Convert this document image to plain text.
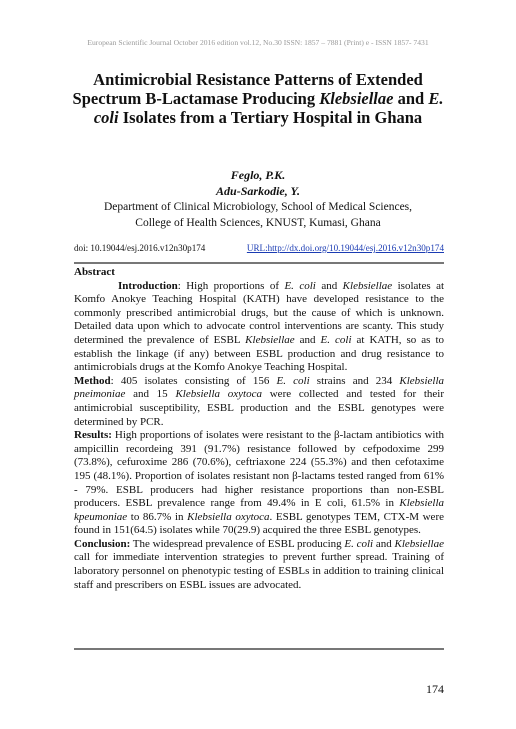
European Scientific Journal October 2016 edition vol.12, No.30 ISSN: 1857 – 7881 (Print) e - ISSN 1857- 7431
Antimicrobial Resistance Patterns of Extended Spectrum B-Lactamase Producing Klebsiellae and E. coli Isolates from a Tertiary Hospital in Ghana
Feglo, P.K.
Adu-Sarkodie, Y.
Department of Clinical Microbiology, School of Medical Sciences,
College of Health Sciences, KNUST, Kumasi, Ghana
doi: 10.19044/esj.2016.v12n30p174	URL:http://dx.doi.org/10.19044/esj.2016.v12n30p174

Abstract

Introduction: High proportions of E. coli and Klebsiellae isolates at Komfo Anokye Teaching Hospital (KATH) have developed resistance to the commonly prescribed antimicrobial drugs, but the cause of which is unknown. Detailed data upon which to advocate control interventions are scanty. This study determined the prevalence of ESBL Klebsiellae and E. coli at KATH, so as to establish the linkage (if any) between ESBL production and drug resistance to antimicrobials drugs at the Komfo Anokye Teaching Hospital.

Method: 405 isolates consisting of 156 E. coli strains and 234 Klebsiella pneimoniae and 15 Klebsiella oxytoca were collected and tested for their antimicrobial susceptibility, ESBL production and the ESBL genotypes were determined by PCR.

Results: High proportions of isolates were resistant to the β-lactam antibiotics with ampicillin recordeing 391 (91.7%) resistance followed by cefpodoxime 299 (73.8%), cefuroxime 286 (70.6%), ceftriaxone 224 (55.3%) and then cefotaxime 195 (48.1%). Proportion of isolates resistant non β-lactams tested ranged from 61% - 79%. ESBL producers had higher resistance proportions than non-ESBL producers. ESBL prevalence range from 49.4% in E coli, 61.5% in Klebsiella kpeumoniae to 86.7% in Klebsiella oxytoca. ESBL genotypes TEM, CTX-M were found in 151(64.5) isolates while 70(29.9) acquired the three ESBL genotypes.

Conclusion: The widespread prevalence of ESBL producing E. coli and Klebsiellae call for immediate intervention strategies to prevent further spread. Training of laboratory personnel on phenotypic testing of ESBLs in addition to training clinical staff and prescribers on ESBL issues are advocated.

174
